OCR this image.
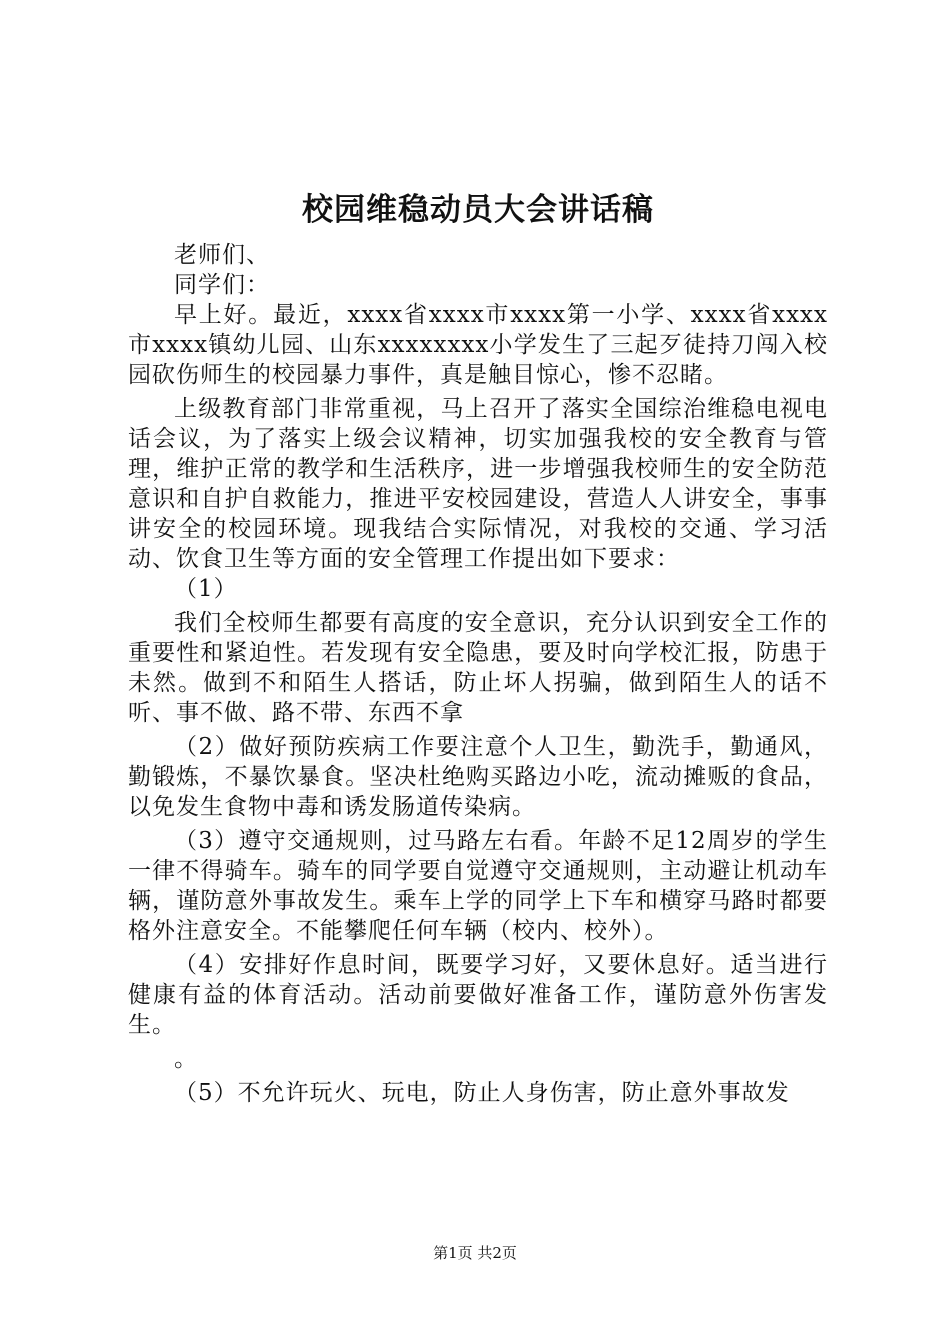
校园维稳动员大会讲话稿

老师们、

同学们：

早上好。最近，xxxx省xxxx市xxxx第一小学、xxxx省xxxx市xxxx镇幼儿园、山东xxxxxxxx小学发生了三起歹徒持刀闯入校园砍伤师生的校园暴力事件，真是触目惊心，惨不忍睹。

上级教育部门非常重视，马上召开了落实全国综治维稳电视电话会议，为了落实上级会议精神，切实加强我校的安全教育与管理，维护正常的教学和生活秩序，进一步增强我校师生的安全防范意识和自护自救能力，推进平安校园建设，营造人人讲安全，事事讲安全的校园环境。现我结合实际情况，对我校的交通、学习活动、饮食卫生等方面的安全管理工作提出如下要求：

（1）

我们全校师生都要有高度的安全意识，充分认识到安全工作的重要性和紧迫性。若发现有安全隐患，要及时向学校汇报，防患于未然。做到不和陌生人搭话，防止坏人拐骗，做到陌生人的话不听、事不做、路不带、东西不拿

（2）做好预防疾病工作要注意个人卫生，勤洗手，勤通风，勤锻炼，不暴饮暴食。坚决杜绝购买路边小吃，流动摊贩的食品，以免发生食物中毒和诱发肠道传染病。

（3）遵守交通规则，过马路左右看。年龄不足12周岁的学生一律不得骑车。骑车的同学要自觉遵守交通规则，主动避让机动车辆，谨防意外事故发生。乘车上学的同学上下车和横穿马路时都要格外注意安全。不能攀爬任何车辆（校内、校外）。

（4）安排好作息时间，既要学习好，又要休息好。适当进行健康有益的体育活动。活动前要做好准备工作，谨防意外伤害发生。

。

（5）不允许玩火、玩电，防止人身伤害，防止意外事故发

第1页 共2页
